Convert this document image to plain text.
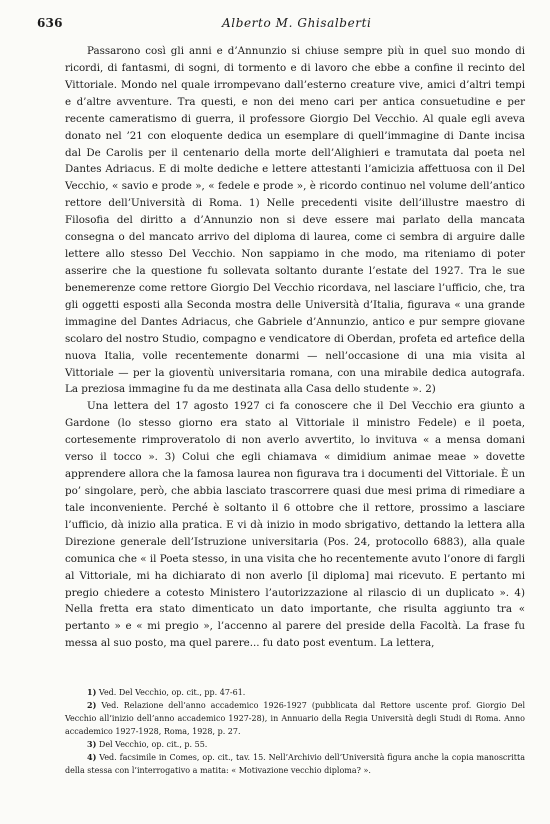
636	Alberto M. Ghisalberti

Passarono così gli anni e d’Annunzio si chiuse sempre più in quel suo mondo di ricordi, di fantasmi, di sogni, di tormento e di lavoro che ebbe a confine il recinto del Vittoriale. Mondo nel quale irrompevano dall’esterno creature vive, amici d’altri tempi e d’altre avventure. Tra questi, e non dei meno cari per antica consuetudine e per recente cameratismo di guerra, il professore Giorgio Del Vecchio. Al quale egli aveva donato nel ’21 con eloquente dedica un esemplare di quell’immagine di Dante incisa dal De Carolis per il centenario della morte dell’Alighieri e tramutata dal poeta nel Dantes Adriacus. E di molte dediche e lettere attestanti l’amicizia affettuosa con il Del Vecchio, « savio e prode », « fedele e prode », è ricordo continuo nel volume dell’antico rettore dell’Università di Roma. 1) Nelle precedenti visite dell’illustre maestro di Filosofia del diritto a d’Annunzio non si deve essere mai parlato della mancata consegna o del mancato arrivo del diploma di laurea, come ci sembra di arguire dalle lettere allo stesso Del Vecchio. Non sappiamo in che modo, ma riteniamo di poter asserire che la questione fu sollevata soltanto durante l’estate del 1927. Tra le sue benemerenze come rettore Giorgio Del Vecchio ricordava, nel lasciare l’ufficio, che, tra gli oggetti esposti alla Seconda mostra delle Università d’Italia, figurava « una grande immagine del Dantes Adriacus, che Gabriele d’Annunzio, antico e pur sempre giovane scolaro del nostro Studio, compagno e vendicatore di Oberdan, profeta ed artefice della nuova Italia, volle recentemente donarmi — nell’occasione di una mia visita al Vittoriale — per la gioventù universitaria romana, con una mirabile dedica autografa. La preziosa immagine fu da me destinata alla Casa dello studente ». 2)

Una lettera del 17 agosto 1927 ci fa conoscere che il Del Vecchio era giunto a Gardone (lo stesso giorno era stato al Vittoriale il ministro Fedele) e il poeta, cortesemente rimproveratolo di non averlo avvertito, lo invituva « a mensa domani verso il tocco ». 3) Colui che egli chiamava « dimidium animae meae » dovette apprendere allora che la famosa laurea non figurava tra i documenti del Vittoriale. È un po’ singolare, però, che abbia lasciato trascorrere quasi due mesi prima di rimediare a tale inconveniente. Perché è soltanto il 6 ottobre che il rettore, prossimo a lasciare l’ufficio, dà inizio alla pratica. E vi dà inizio in modo sbrigativo, dettando la lettera alla Direzione generale dell’Istruzione universitaria (Pos. 24, protocollo 6883), alla quale comunica che « il Poeta stesso, in una visita che ho recentemente avuto l’onore di fargli al Vittoriale, mi ha dichiarato di non averlo [il diploma] mai ricevuto. E pertanto mi pregio chiedere a cotesto Ministero l’autorizzazione al rilascio di un duplicato ». 4) Nella fretta era stato dimenticato un dato importante, che risulta aggiunto tra « pertanto » e « mi pregio », l’accenno al parere del preside della Facoltà. La frase fu messa al suo posto, ma quel parere... fu dato post eventum. La lettera,

1) Ved. Del Vecchio, op. cit., pp. 47-61.

2) Ved. Relazione dell’anno accademico 1926-1927 (pubblicata dal Rettore uscente prof. Giorgio Del Vecchio all’inizio dell’anno accademico 1927-28), in Annuario della Regia Università degli Studi di Roma. Anno accademico 1927-1928, Roma, 1928, p. 27.

3) Del Vecchio, op. cit., p. 55.

4) Ved. facsimile in Comes, op. cit., tav. 15. Nell’Archivio dell’Università figura anche la copia manoscritta della stessa con l’interrogativo a matita: « Motivazione vecchio diploma? ».
